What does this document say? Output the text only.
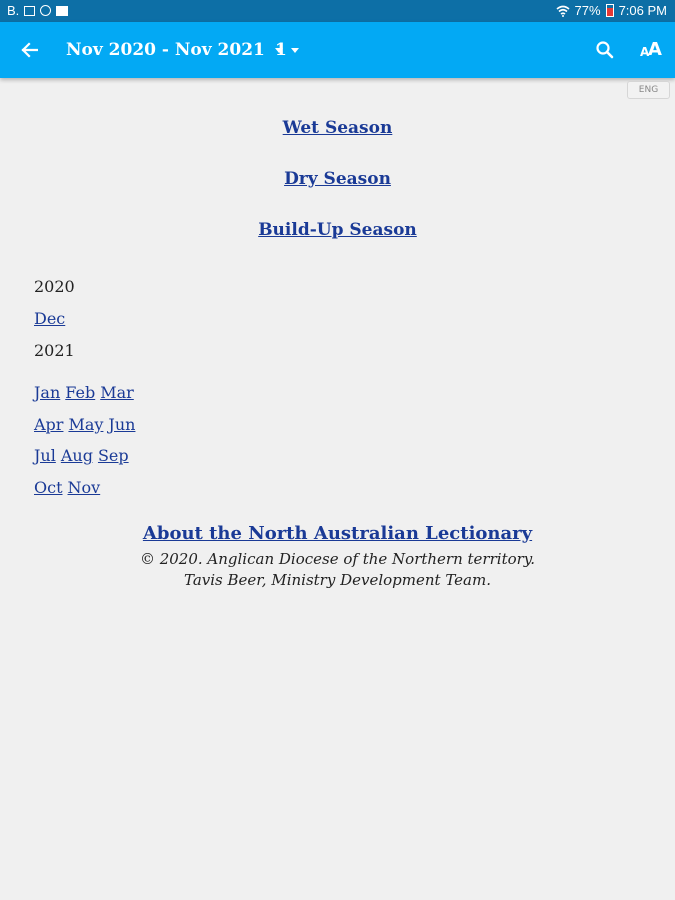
B.	77% 7:06 PM
Nov 2020 - Nov 2021 1	A
A
ENG
Wet Season
Dry Season
Build-Up Season
2020
Dec
2021
Jan Feb Mar
Apr May Jun
Jul Aug Sep
Oct Nov
About the North Australian Lectionary
© 2020. Anglican Diocese of the Northern territory.
Tavis Beer, Ministry Development Team.
